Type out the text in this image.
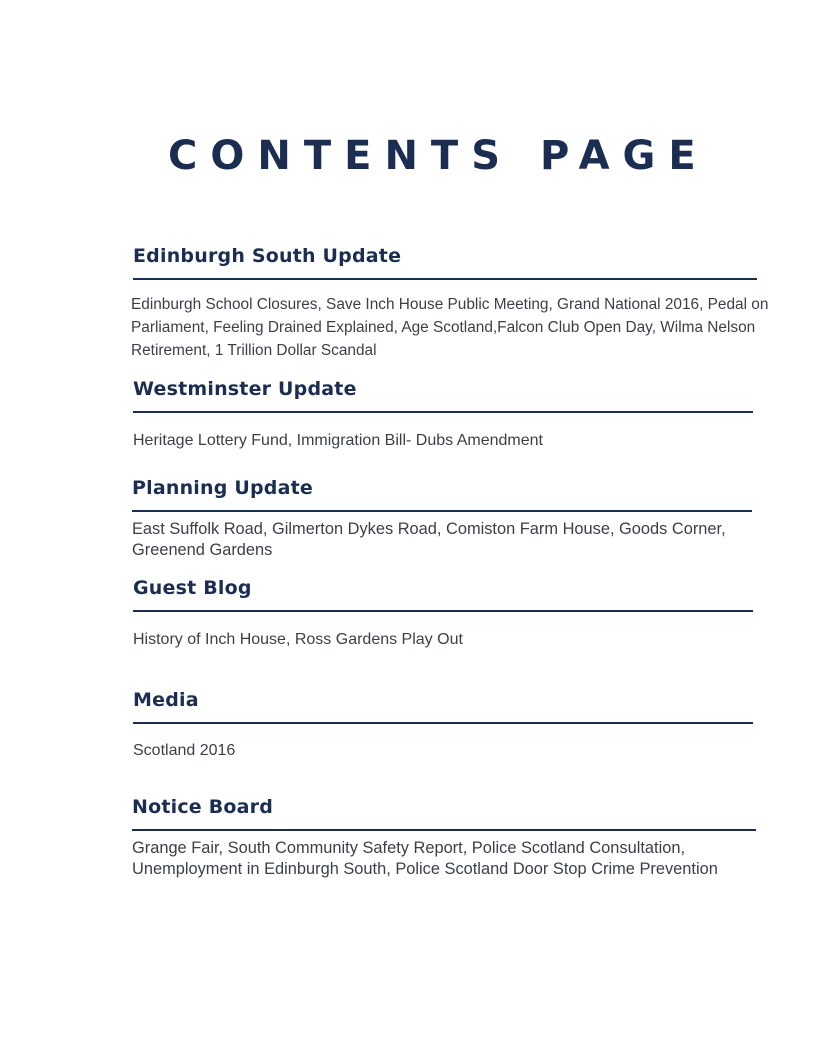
CONTENTS PAGE
Edinburgh South Update

Edinburgh School Closures, Save Inch House Public Meeting, Grand National 2016, Pedal on Parliament, Feeling Drained Explained, Age Scotland,Falcon Club Open Day, Wilma Nelson Retirement, 1 Trillion Dollar Scandal

Westminster Update

Heritage Lottery Fund, Immigration Bill- Dubs Amendment

Planning Update

East Suffolk Road, Gilmerton Dykes Road, Comiston Farm House, Goods Corner, Greenend Gardens

Guest Blog

History of Inch House, Ross Gardens Play Out

Media

Scotland 2016

Notice Board

Grange Fair, South Community Safety Report, Police Scotland Consultation, Unemployment in Edinburgh South, Police Scotland Door Stop Crime Prevention
